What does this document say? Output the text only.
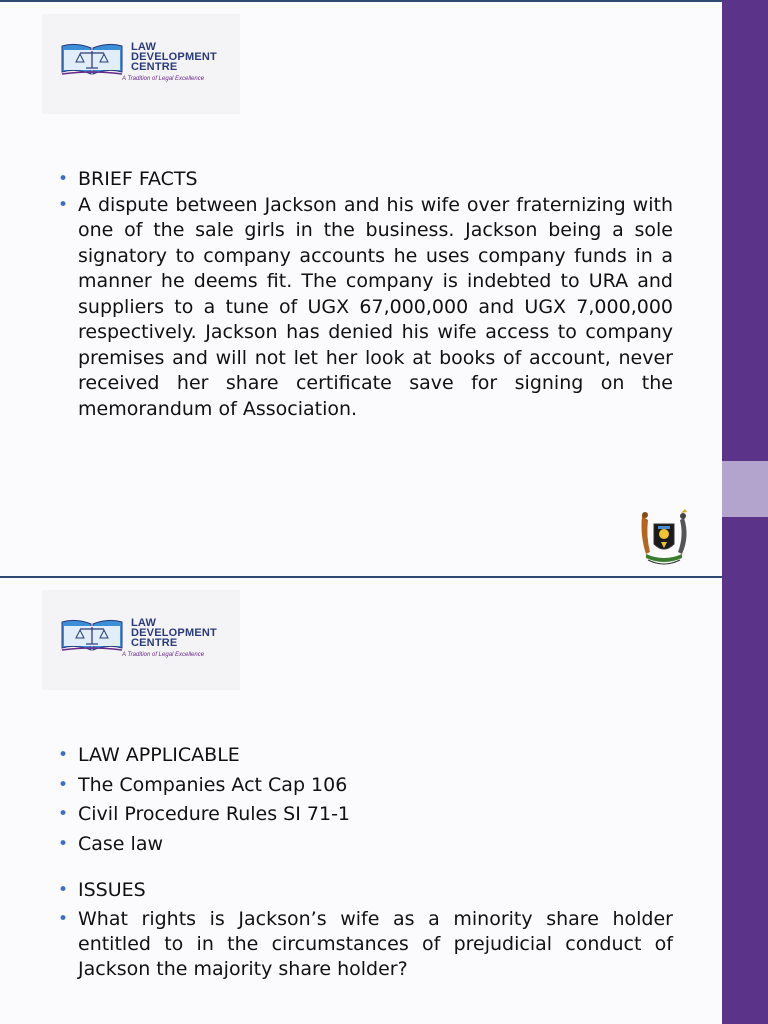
LAW
DEVELOPMENT
CENTRE
A Tradition of Legal Excellence
• BRIEF FACTS
• A dispute between Jackson and his wife over fraternizing with one of the sale girls in the business. Jackson being a sole signatory to company accounts he uses company funds in a manner he deems fit. The company is indebted to URA and suppliers to a tune of UGX 67,000,000 and UGX 7,000,000 respectively. Jackson has denied his wife access to company premises and will not let her look at books of account, never received her share certificate save for signing on the memorandum of Association.
LAW
DEVELOPMENT
CENTRE
A Tradition of Legal Excellence
• LAW APPLICABLE
• The Companies Act Cap 106
• Civil Procedure Rules SI 71-1
• Case law
• ISSUES
• What rights is Jackson’s wife as a minority share holder entitled to in the circumstances of prejudicial conduct of Jackson the majority share holder?
